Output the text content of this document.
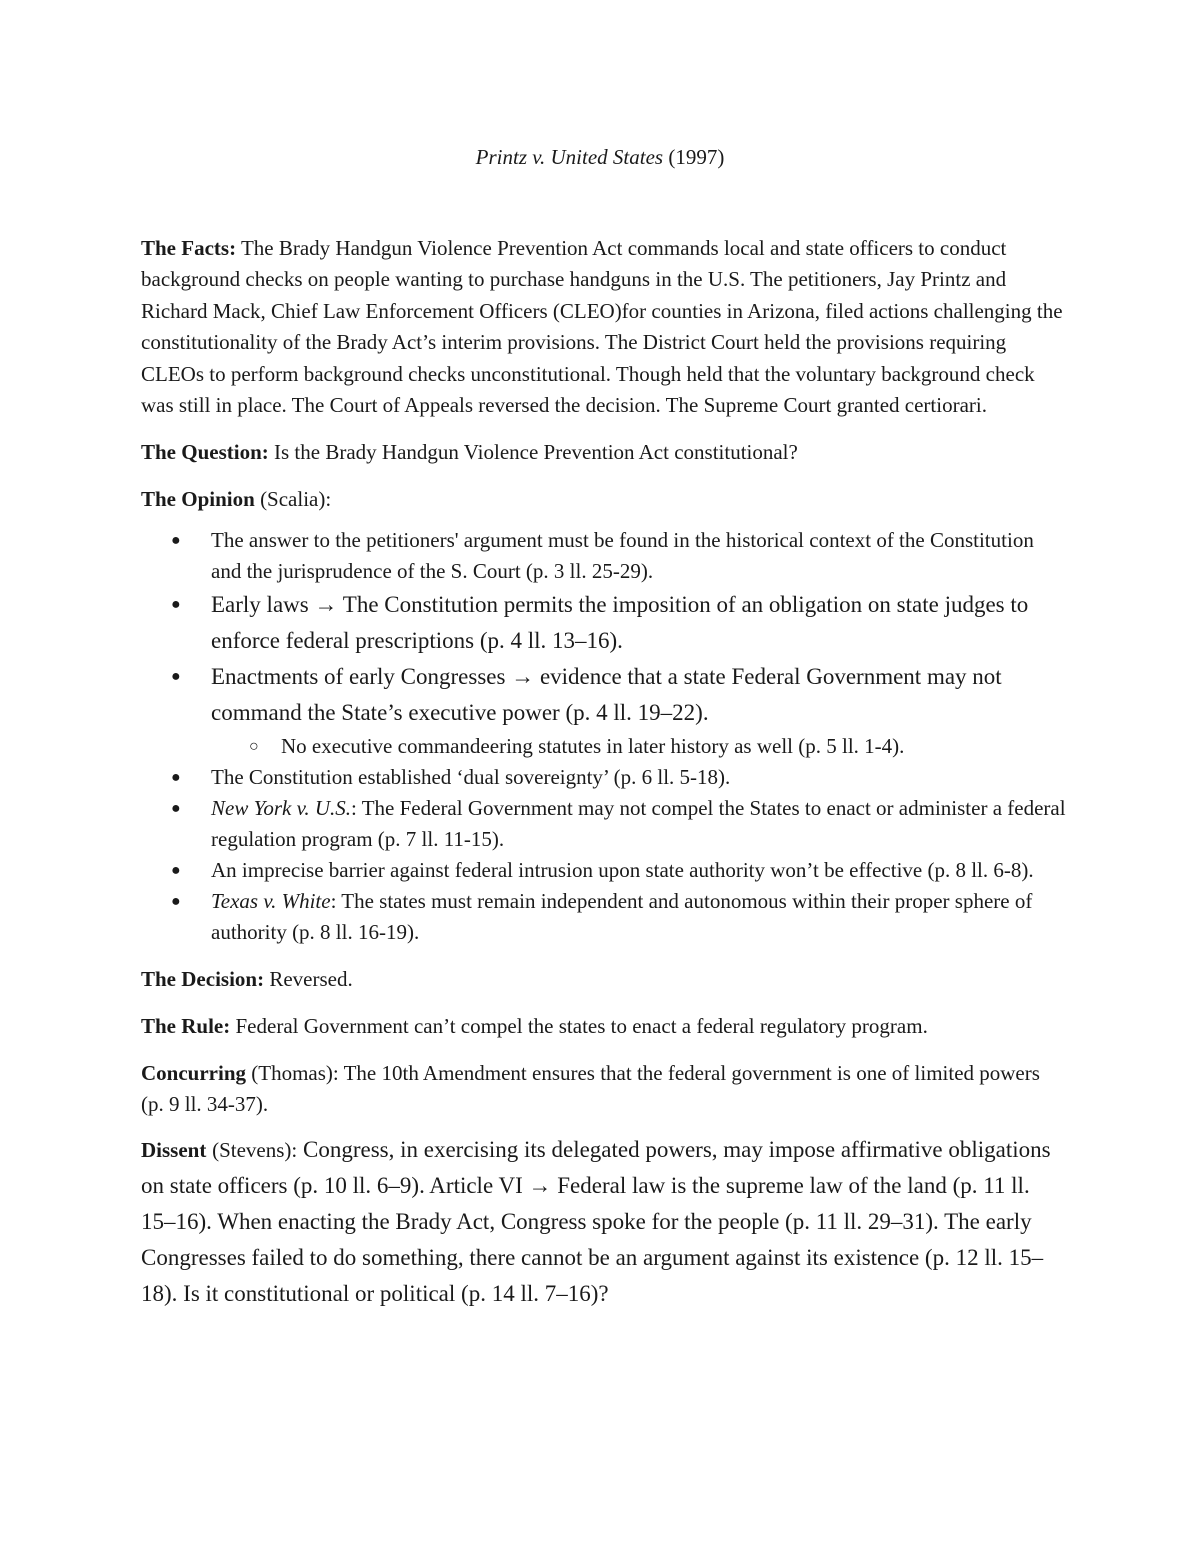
Printz v. United States (1997)

The Facts: The Brady Handgun Violence Prevention Act commands local and state officers to conduct background checks on people wanting to purchase handguns in the U.S. The petitioners, Jay Printz and Richard Mack, Chief Law Enforcement Officers (CLEO)for counties in Arizona, filed actions challenging the constitutionality of the Brady Act’s interim provisions. The District Court held the provisions requiring CLEOs to perform background checks unconstitutional. Though held that the voluntary background check was still in place. The Court of Appeals reversed the decision. The Supreme Court granted certiorari.

The Question: Is the Brady Handgun Violence Prevention Act constitutional?

The Opinion (Scalia):

● The answer to the petitioners' argument must be found in the historical context of the Constitution and the jurisprudence of the S. Court (p. 3 ll. 25-29).
● Early laws → The Constitution permits the imposition of an obligation on state judges to enforce federal prescriptions (p. 4 ll. 13–16).
● Enactments of early Congresses → evidence that a state Federal Government may not command the State’s executive power (p. 4 ll. 19–22).
○ No executive commandeering statutes in later history as well (p. 5 ll. 1-4).
● The Constitution established ‘dual sovereignty’ (p. 6 ll. 5-18).
● New York v. U.S.: The Federal Government may not compel the States to enact or administer a federal regulation program (p. 7 ll. 11-15).
● An imprecise barrier against federal intrusion upon state authority won’t be effective (p. 8 ll. 6-8).
● Texas v. White: The states must remain independent and autonomous within their proper sphere of authority (p. 8 ll. 16-19).

The Decision: Reversed.

The Rule: Federal Government can’t compel the states to enact a federal regulatory program.

Concurring (Thomas): The 10th Amendment ensures that the federal government is one of limited powers (p. 9 ll. 34-37).

Dissent (Stevens): Congress, in exercising its delegated powers, may impose affirmative obligations on state officers (p. 10 ll. 6–9). Article VI → Federal law is the supreme law of the land (p. 11 ll. 15–16). When enacting the Brady Act, Congress spoke for the people (p. 11 ll. 29–31). The early Congresses failed to do something, there cannot be an argument against its existence (p. 12 ll. 15–18). Is it constitutional or political (p. 14 ll. 7–16)?
